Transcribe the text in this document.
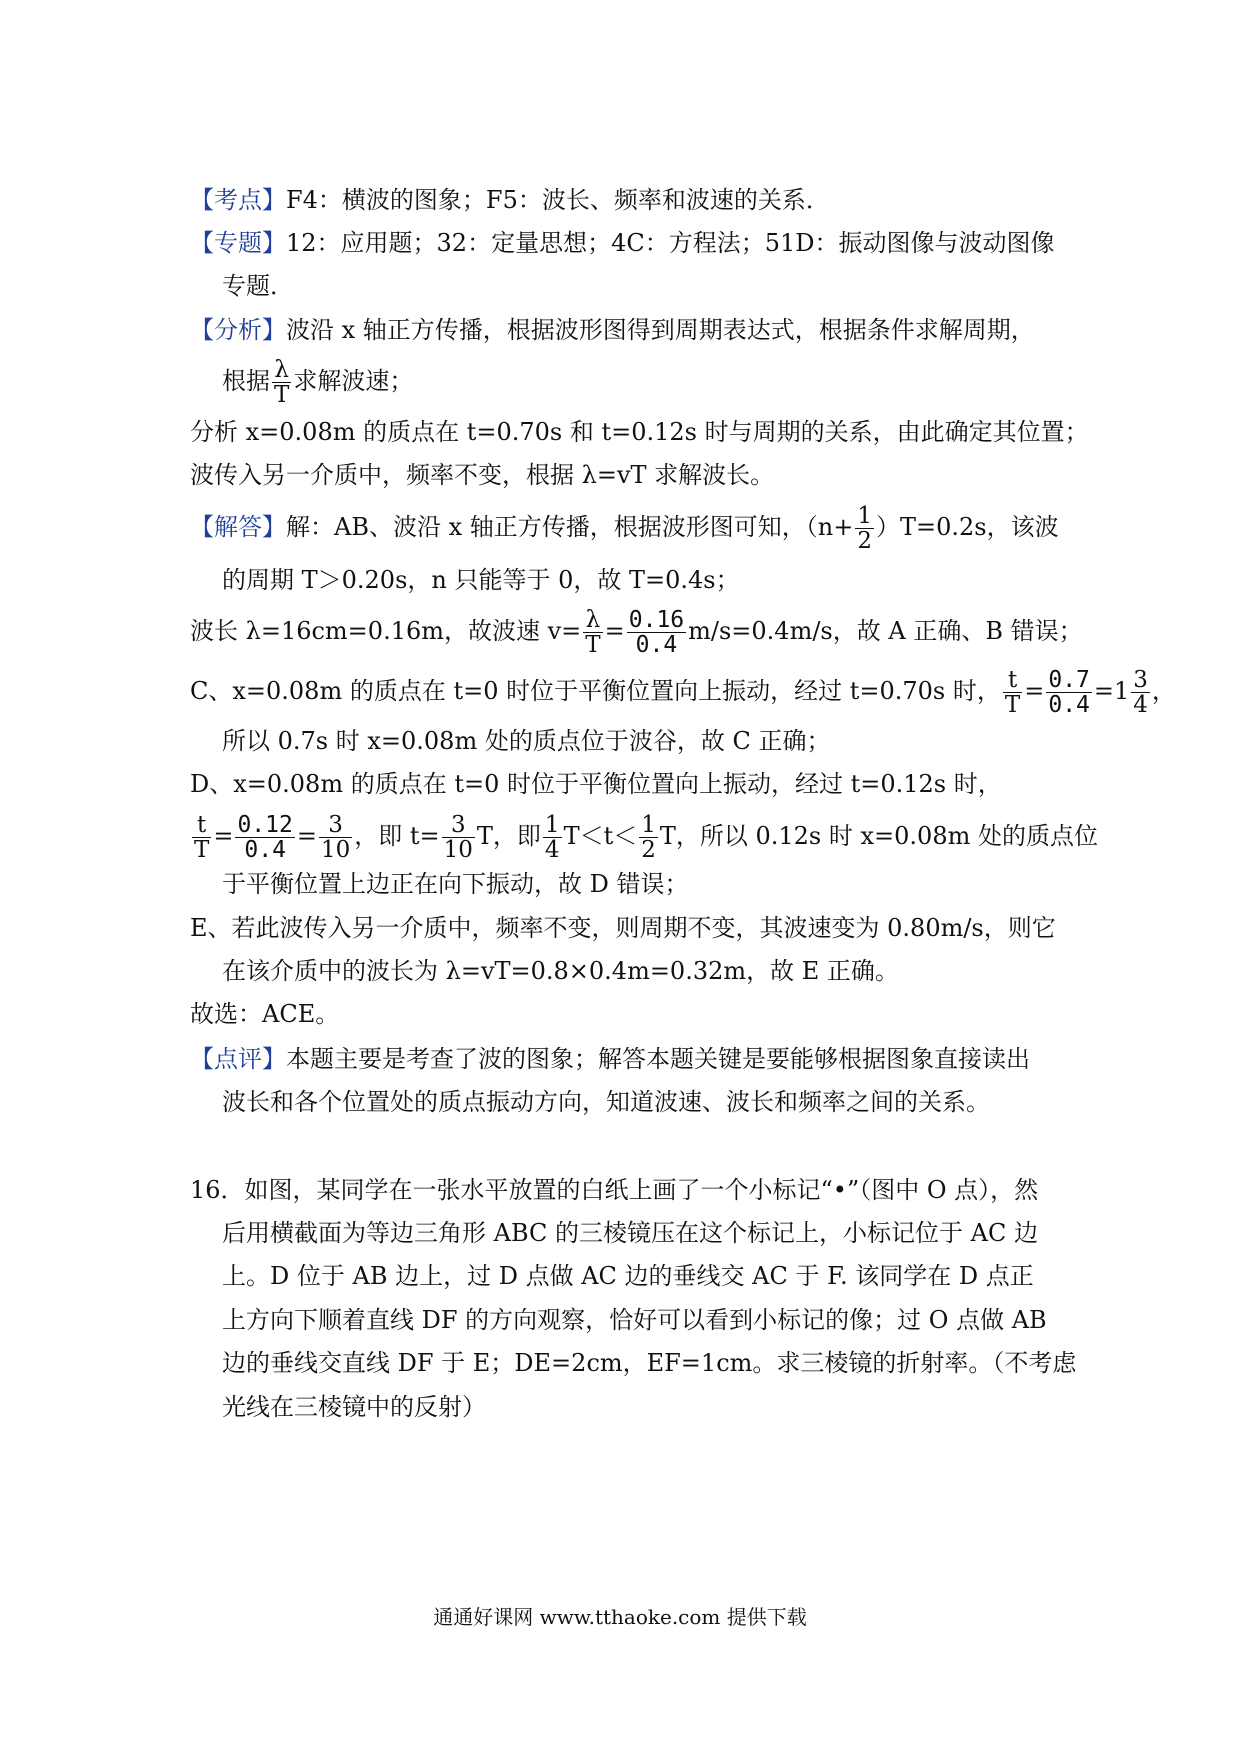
【考点】F4：横波的图象；F5：波长、频率和波速的关系．
【专题】12：应用题；32：定量思想；4C：方程法；51D：振动图像与波动图像
专题．
【分析】波沿 x 轴正方传播，根据波形图得到周期表达式，根据条件求解周期，
根据 $\frac{\lambda}{T}$ 求解波速；
分析 x=0.08m 的质点在 t=0.70s 和 t=0.12s 时与周期的关系，由此确定其位置；
波传入另一介质中，频率不变，根据 λ=vT 求解波长。
【解答】解：AB、波沿 x 轴正方传播，根据波形图可知，$(n+ \frac{1}{2} )T=0.2s$，该波
的周期 T＞0.20s，n 只能等于 0，故 T=0.4s；
波长 λ=16cm=0.16m，故波速 $v= \frac{\lambda}{T} = \frac{0.16}{0.4} m/s=0.4m/s$，故 A 正确、B 错误；
C、x=0.08m 的质点在 t=0 时位于平衡位置向上振动，经过 t=0.70s 时， $\frac{t}{T} = \frac{0.7}{0.4} =1 \frac{3}{4}$ ，
所以 0.7s 时 x=0.08m 处的质点位于波谷，故 C 正确；
D、x=0.08m 的质点在 t=0 时位于平衡位置向上振动，经过 t=0.12s 时，
$\frac{t}{T} = \frac{0.12}{0.4} = \frac{3}{10}$ ，即 $t= \frac{3}{10}$ T，即 $\frac{1}{4} T<t< \frac{1}{2}$ T，所以 0.12s 时 x=0.08m 处的质点位
于平衡位置上边正在向下振动，故 D 错误；
E、若此波传入另一介质中，频率不变，则周期不变，其波速变为 0.80m/s，则它
在该介质中的波长为 λ=vT=0.8×0.4m=0.32m，故 E 正确。
故选：ACE。
【点评】本题主要是考查了波的图象；解答本题关键是要能够根据图象直接读出
波长和各个位置处的质点振动方向，知道波速、波长和频率之间的关系。
16．如图，某同学在一张水平放置的白纸上画了一个小标记“•”（图中 O 点），然
后用横截面为等边三角形 ABC 的三棱镜压在这个标记上，小标记位于 AC 边
上。D 位于 AB 边上，过 D 点做 AC 边的垂线交 AC 于 F. 该同学在 D 点正
上方向下顺着直线 DF 的方向观察，恰好可以看到小标记的像；过 O 点做 AB
边的垂线交直线 DF 于 E；DE=2cm，EF=1cm。求三棱镜的折射率。（不考虑
光线在三棱镜中的反射）
通通好课网 www.tthaoke.com 提供下载
